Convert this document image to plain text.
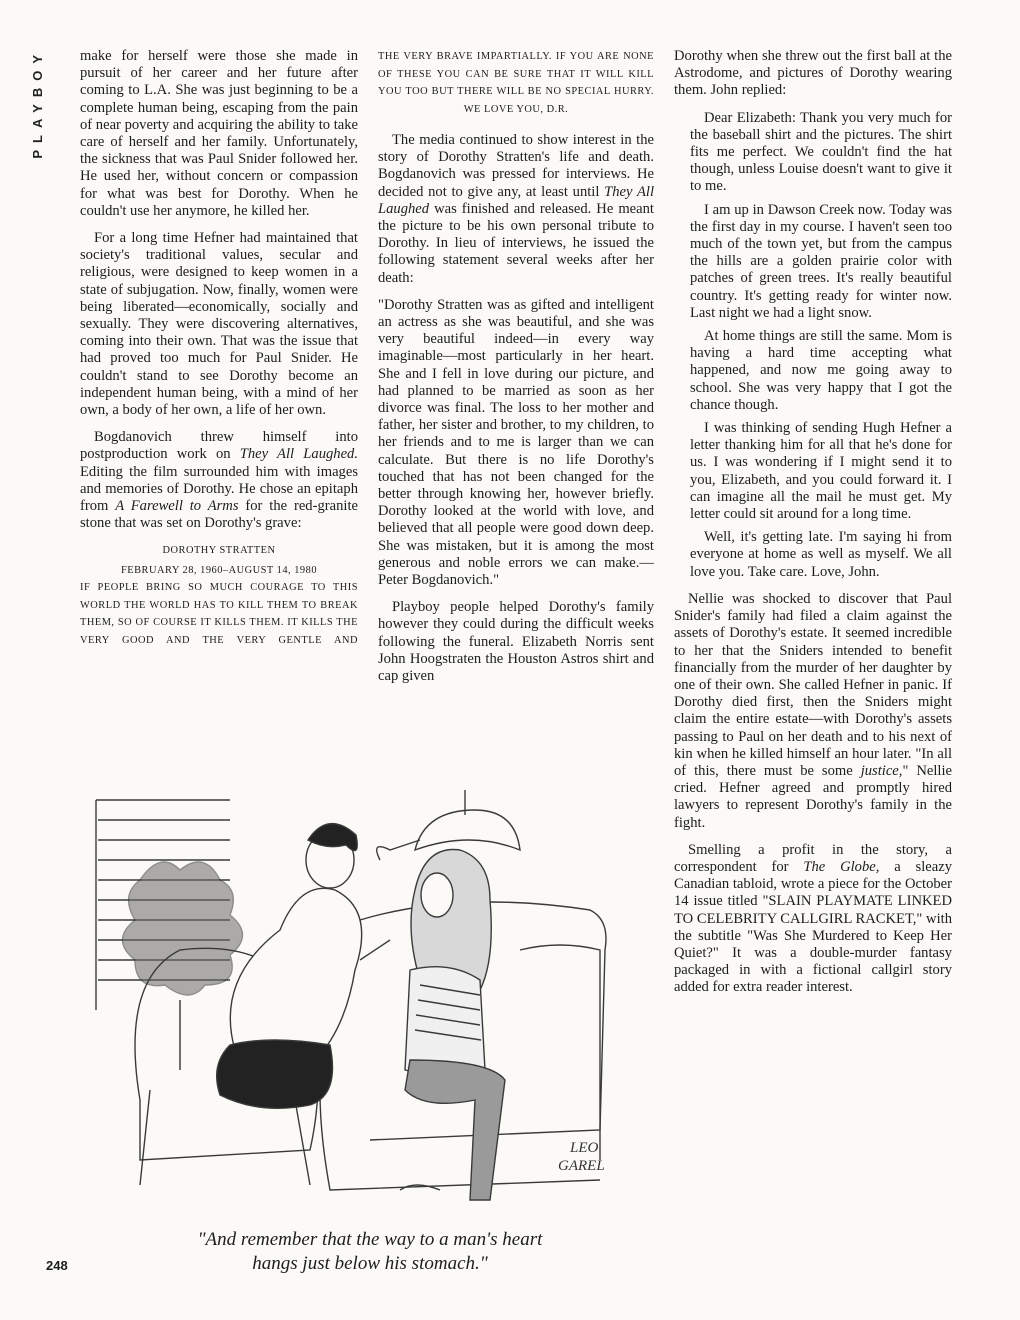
PLAYBOY make for herself were those she made in pursuit of her career and her future after coming to L.A. She was just beginning to be a complete human being, escaping from the pain of near poverty and acquiring the ability to take care of herself and her family. Unfortunately, the sickness that was Paul Snider followed her. He used her, without concern or compassion for what was best for Dorothy. When he couldn't use her anymore, he killed her.

For a long time Hefner had maintained that society's traditional values, secular and religious, were designed to keep women in a state of subjugation. Now, finally, women were being liberated—economically, socially and sexually. They were discovering alternatives, coming into their own. That was the issue that had proved too much for Paul Snider. He couldn't stand to see Dorothy become an independent human being, with a mind of her own, a body of her own, a life of her own.

Bogdanovich threw himself into postproduction work on They All Laughed. Editing the film surrounded him with images and memories of Dorothy. He chose an epitaph from A Farewell to Arms for the red-granite stone that was set on Dorothy's grave:

DOROTHY STRATTEN
FEBRUARY 28, 1960–AUGUST 14, 1980
IF PEOPLE BRING SO MUCH COURAGE TO THIS WORLD THE WORLD HAS TO KILL THEM TO BREAK THEM, SO OF COURSE IT KILLS THEM. IT KILLS THE VERY GOOD AND THE VERY GENTLE AND
THE VERY BRAVE IMPARTIALLY. IF YOU ARE NONE OF THESE YOU CAN BE SURE THAT IT WILL KILL YOU TOO BUT THERE WILL BE NO SPECIAL HURRY.
WE LOVE YOU, D.R.

The media continued to show interest in the story of Dorothy Stratten's life and death. Bogdanovich was pressed for interviews. He decided not to give any, at least until They All Laughed was finished and released. He meant the picture to be his own personal tribute to Dorothy. In lieu of interviews, he issued the following statement several weeks after her death:

"Dorothy Stratten was as gifted and intelligent an actress as she was beautiful, and she was very beautiful indeed—in every way imaginable—most particularly in her heart. She and I fell in love during our picture, and had planned to be married as soon as her divorce was final. The loss to her mother and father, her sister and brother, to my children, to her friends and to me is larger than we can calculate. But there is no life Dorothy's touched that has not been changed for the better through knowing her, however briefly. Dorothy looked at the world with love, and believed that all people were good down deep. She was mistaken, but it is among the most generous and noble errors we can make.—Peter Bogdanovich."

Playboy people helped Dorothy's family however they could during the difficult weeks following the funeral. Elizabeth Norris sent John Hoogstraten the Houston Astros shirt and cap given

Dorothy when she threw out the first ball at the Astrodome, and pictures of Dorothy wearing them. John replied:

Dear Elizabeth: Thank you very much for the baseball shirt and the pictures. The shirt fits me perfect. We couldn't find the hat though, unless Louise doesn't want to give it to me.

I am up in Dawson Creek now. Today was the first day in my course. I haven't seen too much of the town yet, but from the campus the hills are a golden prairie color with patches of green trees. It's really beautiful country. It's getting ready for winter now. Last night we had a light snow.

At home things are still the same. Mom is having a hard time accepting what happened, and now me going away to school. She was very happy that I got the chance though.

I was thinking of sending Hugh Hefner a letter thanking him for all that he's done for us. I was wondering if I might send it to you, Elizabeth, and you could forward it. I can imagine all the mail he must get. My letter could sit around for a long time.

Well, it's getting late. I'm saying hi from everyone at home as well as myself. We all love you. Take care. Love, John.

Nellie was shocked to discover that Paul Snider's family had filed a claim against the assets of Dorothy's estate. It seemed incredible to her that the Sniders intended to benefit financially from the murder of her daughter by one of their own. She called Hefner in panic. If Dorothy died first, then the Sniders might claim the entire estate—with Dorothy's assets passing to Paul on her death and to his next of kin when he killed himself an hour later. "In all of this, there must be some justice," Nellie cried. Hefner agreed and promptly hired lawyers to represent Dorothy's family in the fight.

Smelling a profit in the story, a correspondent for The Globe, a sleazy Canadian tabloid, wrote a piece for the October 14 issue titled "SLAIN PLAYMATE LINKED TO CELEBRITY CALLGIRL RACKET," with the subtitle "Was She Murdered to Keep Her Quiet?" It was a double-murder fantasy packaged in with a fictional callgirl story added for extra reader interest.

LEO
GAREL
"And remember that the way to a man's heart
hangs just below his stomach."
248
